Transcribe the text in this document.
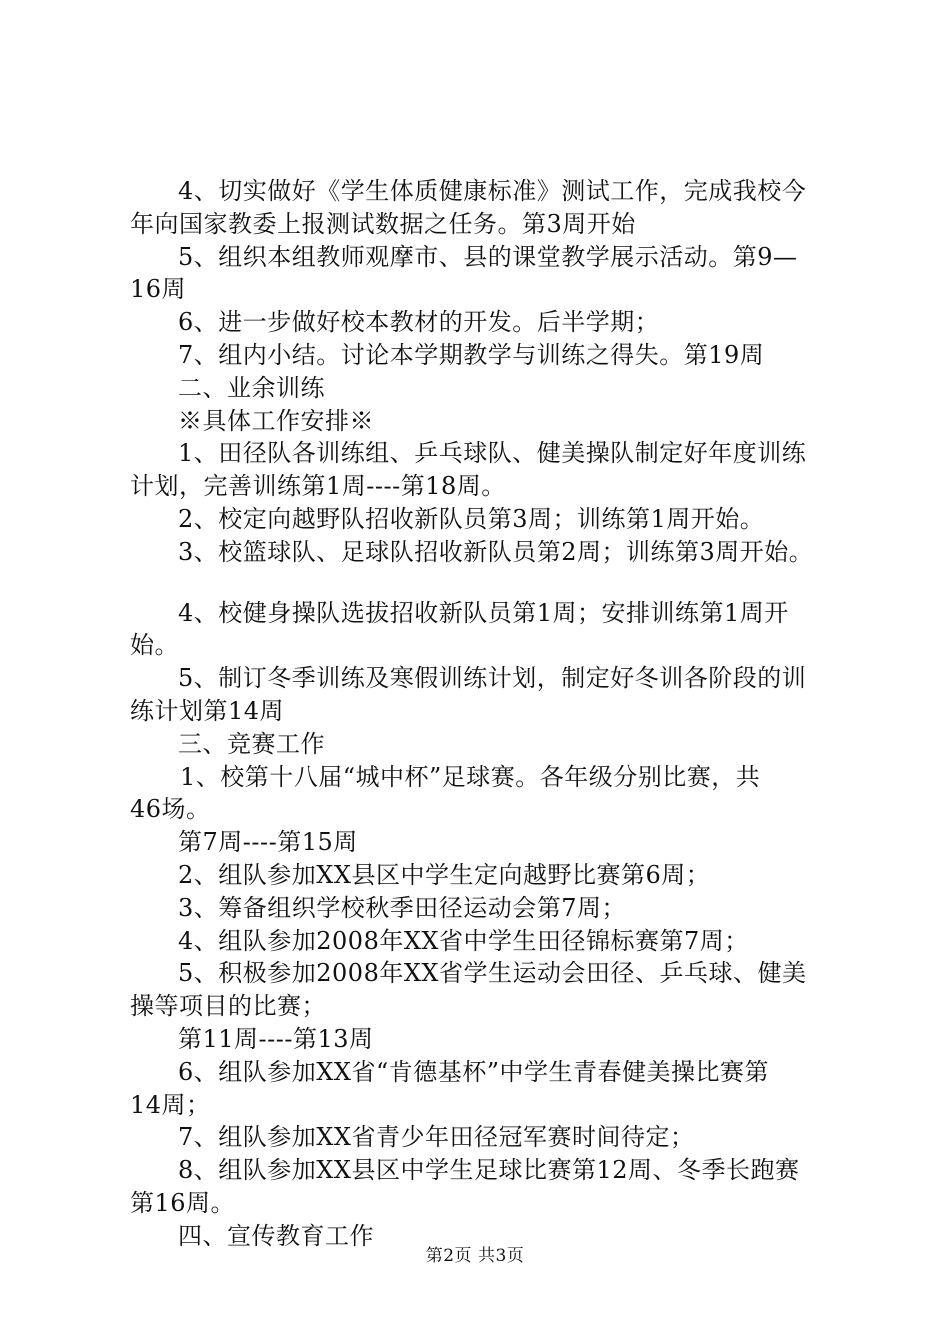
4、切实做好《学生体质健康标准》测试工作，完成我校今
年向国家教委上报测试数据之任务。第3周开始
5、组织本组教师观摩市、县的课堂教学展示活动。第9—
16周
6、进一步做好校本教材的开发。后半学期；
7、组内小结。讨论本学期教学与训练之得失。第19周
二、业余训练
※具体工作安排※
1、田径队各训练组、乒乓球队、健美操队制定好年度训练
计划，完善训练第1周----第18周。
2、校定向越野队招收新队员第3周；训练第1周开始。
3、校篮球队、足球队招收新队员第2周；训练第3周开始。
4、校健身操队选拔招收新队员第1周；安排训练第1周开
始。
5、制订冬季训练及寒假训练计划，制定好冬训各阶段的训
练计划第14周
三、竞赛工作
1、校第十八届“城中杯”足球赛。各年级分别比赛，共
46场。
第7周----第15周
2、组队参加XX县区中学生定向越野比赛第6周；
3、筹备组织学校秋季田径运动会第7周；
4、组队参加2008年XX省中学生田径锦标赛第7周；
5、积极参加2008年XX省学生运动会田径、乒乓球、健美
操等项目的比赛；
第11周----第13周
6、组队参加XX省“肯德基杯”中学生青春健美操比赛第
14周；
7、组队参加XX省青少年田径冠军赛时间待定；
8、组队参加XX县区中学生足球比赛第12周、冬季长跑赛
第16周。
四、宣传教育工作
第2页 共3页
